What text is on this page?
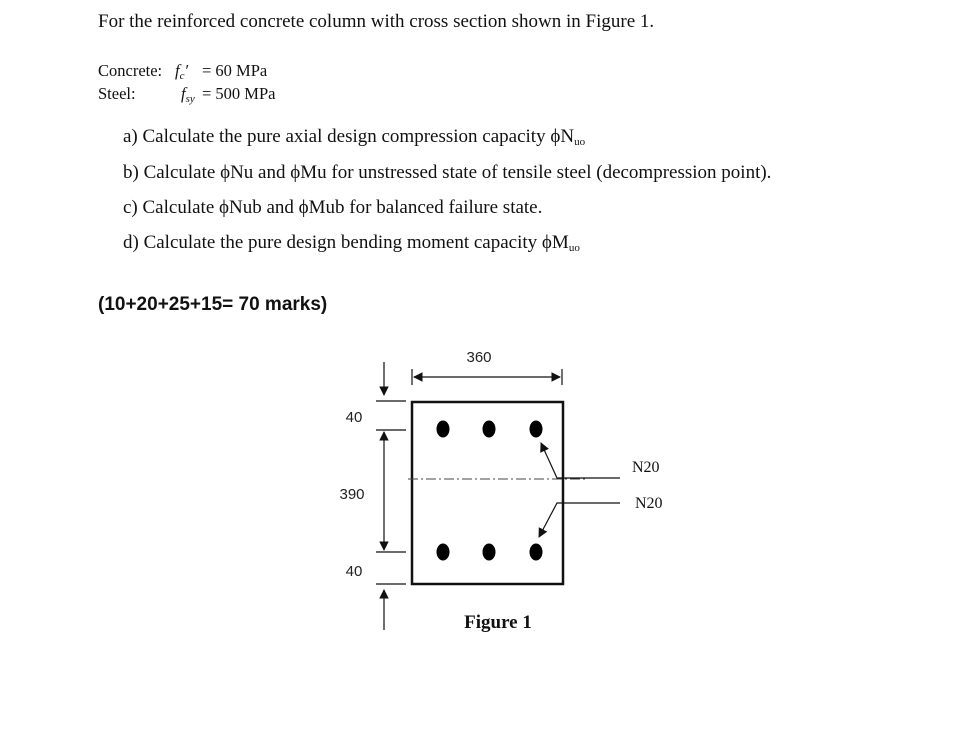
For the reinforced concrete column with cross section shown in Figure 1.
Concrete: $f_c' = 60$ MPa
Steel:	$f_{sy} = 500$ MPa
a) Calculate the pure axial design compression capacity $\phi N_{uo}$
b) Calculate ϕNu and ϕMu for unstressed state of tensile steel (decompression point).
c) Calculate ϕNub and ϕMub for balanced failure state.
d) Calculate the pure design bending moment capacity $\phi M_{uo}$
(10+20+25+15= 70 marks)
360
N20
N20
40
390
40
Figure 1
